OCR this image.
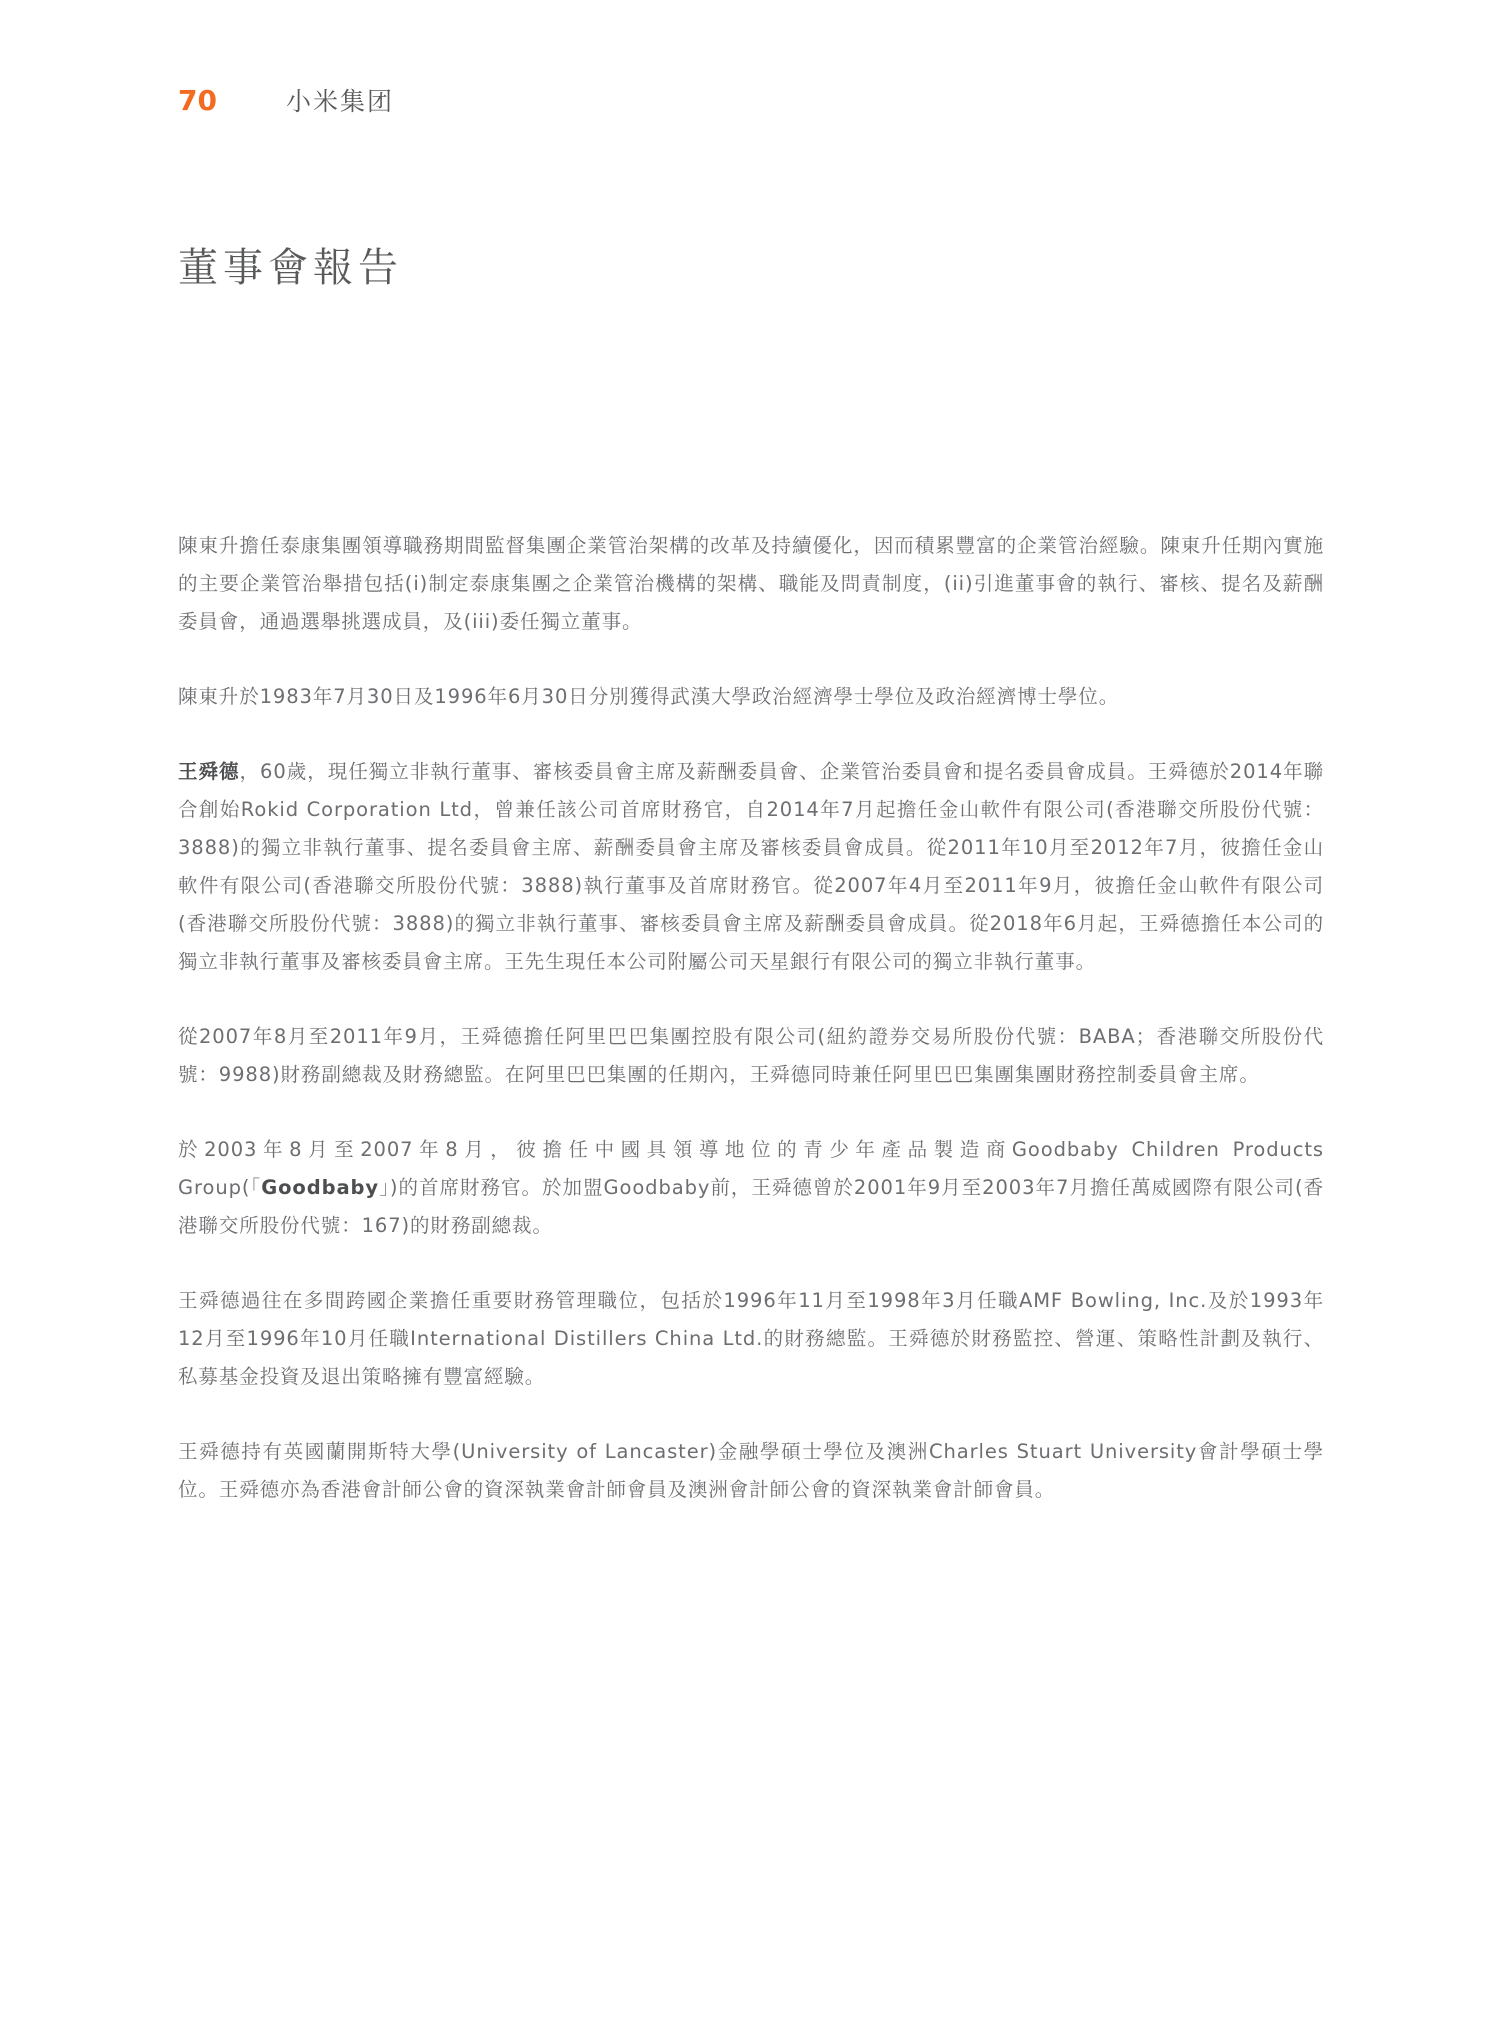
70	小米集团
董事會報告

陳東升擔任泰康集團領導職務期間監督集團企業管治架構的改革及持續優化，因而積累豐富的企業管治經驗。陳東升任期內實施的主要企業管治舉措包括(i)制定泰康集團之企業管治機構的架構、職能及問責制度，(ii)引進董事會的執行、審核、提名及薪酬委員會，通過選舉挑選成員，及(iii)委任獨立董事。

陳東升於1983年7月30日及1996年6月30日分別獲得武漢大學政治經濟學士學位及政治經濟博士學位。

王舜德，60歲，現任獨立非執行董事、審核委員會主席及薪酬委員會、企業管治委員會和提名委員會成員。王舜德於2014年聯合創始Rokid Corporation Ltd，曾兼任該公司首席財務官，自2014年7月起擔任金山軟件有限公司(香港聯交所股份代號：3888)的獨立非執行董事、提名委員會主席、薪酬委員會主席及審核委員會成員。從2011年10月至2012年7月，彼擔任金山軟件有限公司(香港聯交所股份代號：3888)執行董事及首席財務官。從2007年4月至2011年9月，彼擔任金山軟件有限公司(香港聯交所股份代號：3888)的獨立非執行董事、審核委員會主席及薪酬委員會成員。從2018年6月起，王舜德擔任本公司的獨立非執行董事及審核委員會主席。王先生現任本公司附屬公司天星銀行有限公司的獨立非執行董事。

從2007年8月至2011年9月，王舜德擔任阿里巴巴集團控股有限公司(紐約證券交易所股份代號：BABA；香港聯交所股份代號：9988)財務副總裁及財務總監。在阿里巴巴集團的任期內，王舜德同時兼任阿里巴巴集團集團財務控制委員會主席。

於2003年8月至2007年8月，彼擔任中國具領導地位的青少年產品製造商Goodbaby Children Products Group(「Goodbaby」)的首席財務官。於加盟Goodbaby前，王舜德曾於2001年9月至2003年7月擔任萬威國際有限公司(香港聯交所股份代號：167)的財務副總裁。

王舜德過往在多間跨國企業擔任重要財務管理職位，包括於1996年11月至1998年3月任職AMF Bowling, Inc.及於1993年12月至1996年10月任職International Distillers China Ltd.的財務總監。王舜德於財務監控、營運、策略性計劃及執行、私募基金投資及退出策略擁有豐富經驗。

王舜德持有英國蘭開斯特大學(University of Lancaster)金融學碩士學位及澳洲Charles Stuart University會計學碩士學位。王舜德亦為香港會計師公會的資深執業會計師會員及澳洲會計師公會的資深執業會計師會員。
